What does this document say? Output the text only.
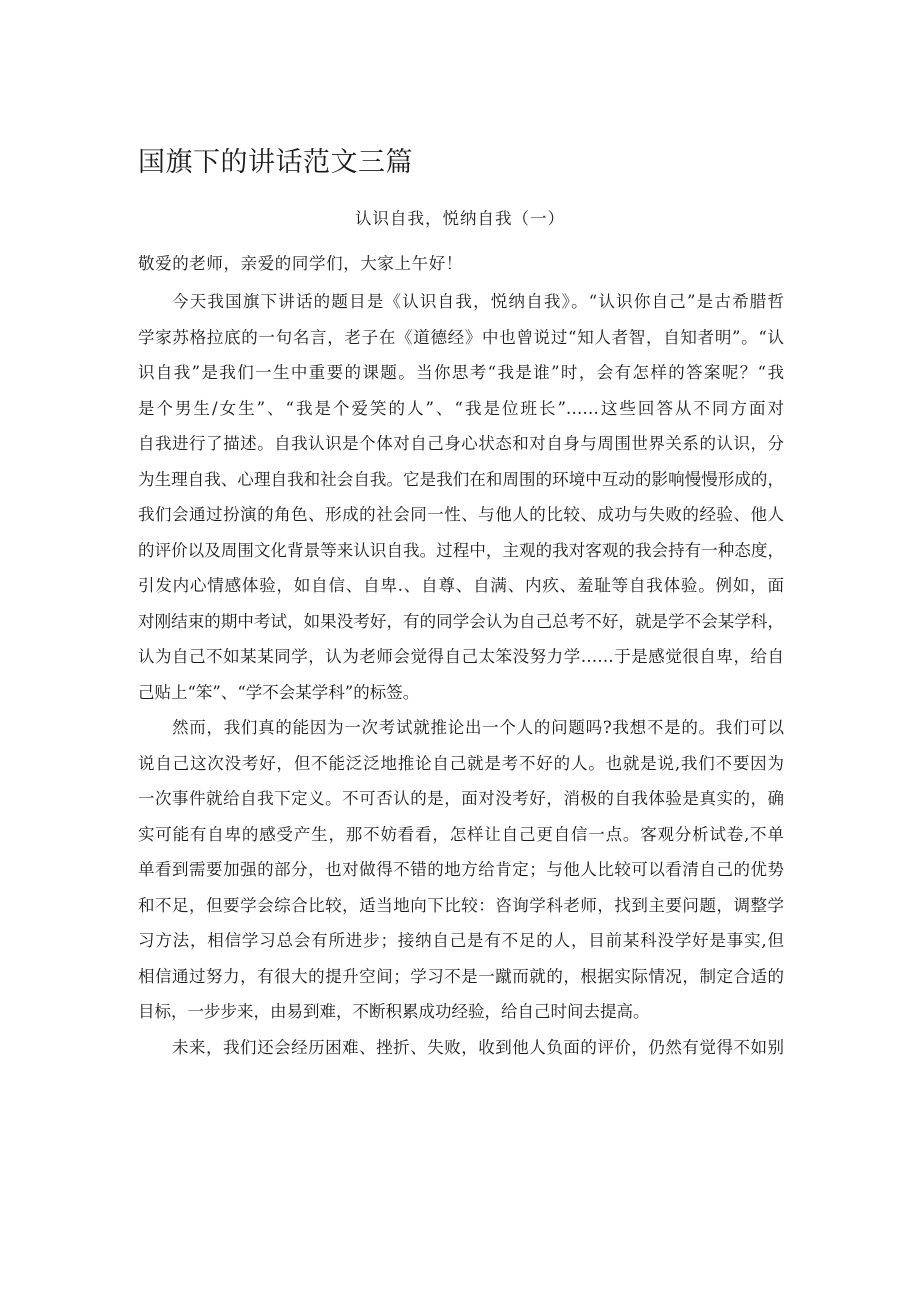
国旗下的讲话范文三篇
认识自我，悦纳自我（一）
敬爱的老师，亲爱的同学们，大家上午好！
今天我国旗下讲话的题目是《认识自我，悦纳自我》。“认识你自己”是古希腊哲
学家苏格拉底的一句名言，老子在《道德经》中也曾说过“知人者智，自知者明”。“认
识自我”是我们一生中重要的课题。当你思考“我是谁”时，会有怎样的答案呢？“我
是个男生/女生”、“我是个爱笑的人”、“我是位班长”……这些回答从不同方面对
自我进行了描述。自我认识是个体对自己身心状态和对自身与周围世界关系的认识，分
为生理自我、心理自我和社会自我。它是我们在和周围的环境中互动的影响慢慢形成的，
我们会通过扮演的角色、形成的社会同一性、与他人的比较、成功与失败的经验、他人
的评价以及周围文化背景等来认识自我。过程中，主观的我对客观的我会持有一种态度，
引发内心情感体验，如自信、自卑.、自尊、自满、内疚、羞耻等自我体验。例如，面
对刚结束的期中考试，如果没考好，有的同学会认为自己总考不好，就是学不会某学科，
认为自己不如某某同学，认为老师会觉得自己太笨没努力学……于是感觉很自卑，给自
己贴上“笨”、“学不会某学科”的标签。
然而，我们真的能因为一次考试就推论出一个人的问题吗?我想不是的。我们可以
说自己这次没考好，但不能泛泛地推论自己就是考不好的人。也就是说,我们不要因为
一次事件就给自我下定义。不可否认的是，面对没考好，消极的自我体验是真实的，确
实可能有自卑的感受产生，那不妨看看，怎样让自己更自信一点。客观分析试卷,不单
单看到需要加强的部分，也对做得不错的地方给肯定；与他人比较可以看清自己的优势
和不足，但要学会综合比较，适当地向下比较：咨询学科老师，找到主要问题，调整学
习方法，相信学习总会有所进步；接纳自己是有不足的人，目前某科没学好是事实,但
相信通过努力，有很大的提升空间；学习不是一蹴而就的，根据实际情况，制定合适的
目标，一步步来，由易到难，不断积累成功经验，给自己时间去提高。
未来，我们还会经历困难、挫折、失败，收到他人负面的评价，仍然有觉得不如别
